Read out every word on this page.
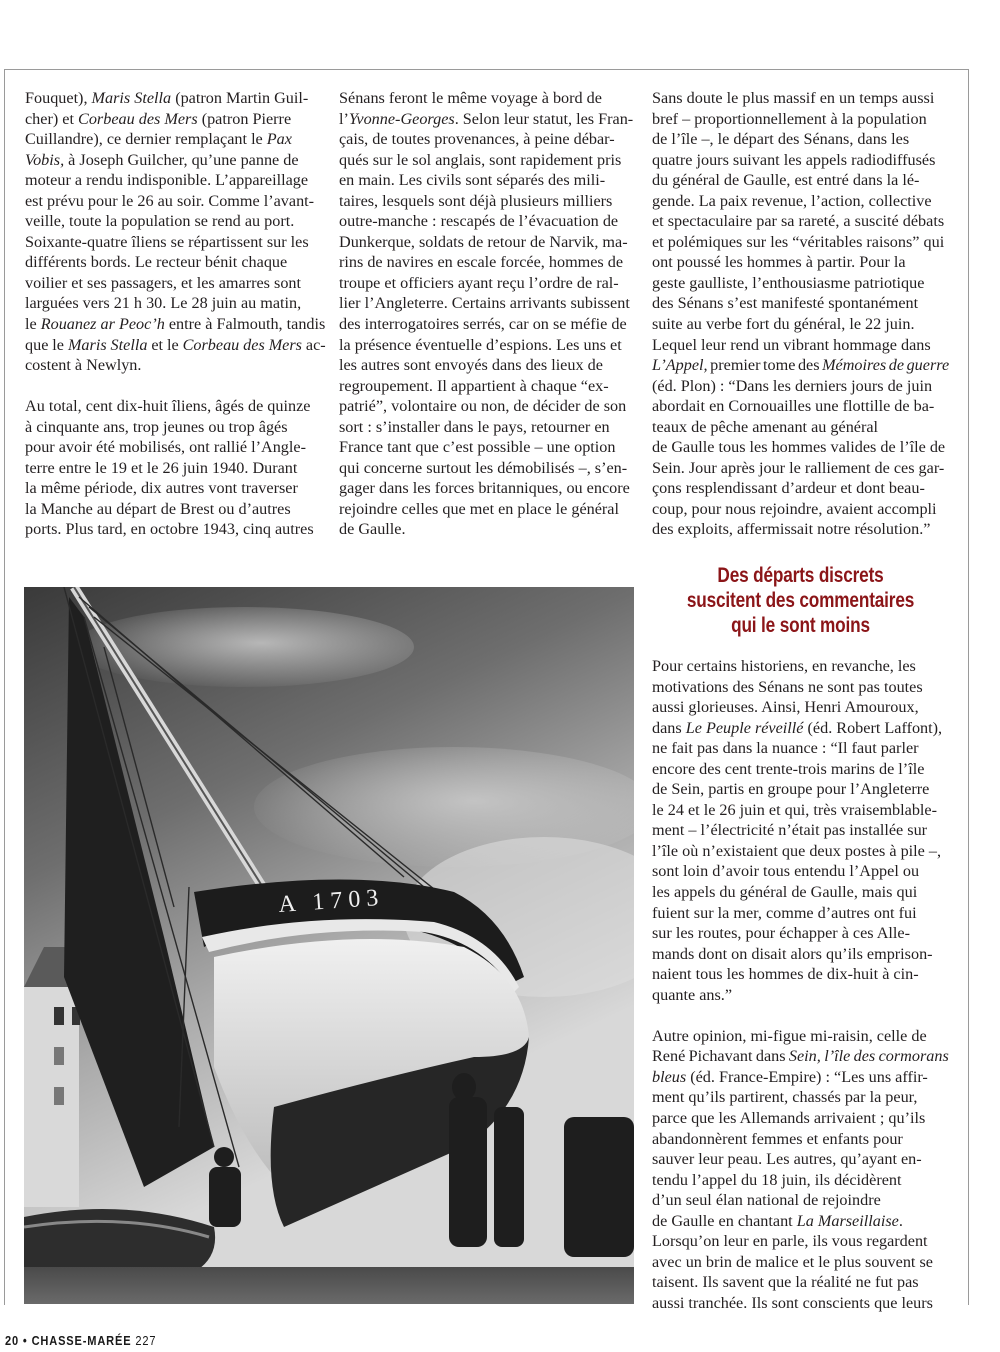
Fouquet), Maris Stella (patron Martin Guil-
cher) et Corbeau des Mers (patron Pierre
Cuillandre), ce dernier remplaçant le Pax
Vobis, à Joseph Guilcher, qu’une panne de
moteur a rendu indisponible. L’appareillage
est prévu pour le 26 au soir. Comme l’avant-
veille, toute la population se rend au port.
Soixante-quatre îliens se répartissent sur les
différents bords. Le recteur bénit chaque
voilier et ses passagers, et les amarres sont
larguées vers 21 h 30. Le 28 juin au matin,
le Rouanez ar Peoc’h entre à Falmouth, tandis
que le Maris Stella et le Corbeau des Mers ac-
costent à Newlyn.

Au total, cent dix-huit îliens, âgés de quinze
à cinquante ans, trop jeunes ou trop âgés
pour avoir été mobilisés, ont rallié l’Angle-
terre entre le 19 et le 26 juin 1940. Durant
la même période, dix autres vont traverser
la Manche au départ de Brest ou d’autres
ports. Plus tard, en octobre 1943, cinq autres

Sénans feront le même voyage à bord de
l’Yvonne-Georges. Selon leur statut, les Fran-
çais, de toutes provenances, à peine débar-
qués sur le sol anglais, sont rapidement pris
en main. Les civils sont séparés des mili-
taires, lesquels sont déjà plusieurs milliers
outre-manche : rescapés de l’évacuation de
Dunkerque, soldats de retour de Narvik, ma-
rins de navires en escale forcée, hommes de
troupe et officiers ayant reçu l’ordre de ral-
lier l’Angleterre. Certains arrivants subissent
des interrogatoires serrés, car on se méfie de
la présence éventuelle d’espions. Les uns et
les autres sont envoyés dans des lieux de
regroupement. Il appartient à chaque “ex-
patrié”, volontaire ou non, de décider de son
sort : s’installer dans le pays, retourner en
France tant que c’est possible – une option
qui concerne surtout les démobilisés –, s’en-
gager dans les forces britanniques, ou encore
rejoindre celles que met en place le général
de Gaulle.

Sans doute le plus massif en un temps aussi
bref – proportionnellement à la population
de l’île –, le départ des Sénans, dans les
quatre jours suivant les appels radiodiffusés
du général de Gaulle, est entré dans la lé-
gende. La paix revenue, l’action, collective
et spectaculaire par sa rareté, a suscité débats
et polémiques sur les “véritables raisons” qui
ont poussé les hommes à partir. Pour la
geste gaulliste, l’enthousiasme patriotique
des Sénans s’est manifesté spontanément
suite au verbe fort du général, le 22 juin.
Lequel leur rend un vibrant hommage dans
L’Appel, premier tome des Mémoires de guerre
(éd. Plon) : “Dans les derniers jours de juin
abordait en Cornouailles une flottille de ba-
teaux de pêche amenant au général
de Gaulle tous les hommes valides de l’île de
Sein. Jour après jour le ralliement de ces gar-
çons resplendissant d’ardeur et dont beau-
coup, pour nous rejoindre, avaient accompli
des exploits, affermissait notre résolution.”

Des départs discrets
suscitent des commentaires
qui le sont moins

Pour certains historiens, en revanche, les
motivations des Sénans ne sont pas toutes
aussi glorieuses. Ainsi, Henri Amouroux,
dans Le Peuple réveillé (éd. Robert Laffont),
ne fait pas dans la nuance : “Il faut parler
encore des cent trente-trois marins de l’île
de Sein, partis en groupe pour l’Angleterre
le 24 et le 26 juin et qui, très vraisemblable-
ment – l’électricité n’était pas installée sur
l’île où n’existaient que deux postes à pile –,
sont loin d’avoir tous entendu l’Appel ou
les appels du général de Gaulle, mais qui
fuient sur la mer, comme d’autres ont fui
sur les routes, pour échapper à ces Alle-
mands dont on disait alors qu’ils emprison-
naient tous les hommes de dix-huit à cin-
quante ans.”

Autre opinion, mi-figue mi-raisin, celle de
René Pichavant dans Sein, l’île des cormorans
bleus (éd. France-Empire) : “Les uns affir-
ment qu’ils partirent, chassés par la peur,
parce que les Allemands arrivaient ; qu’ils
abandonnèrent femmes et enfants pour
sauver leur peau. Les autres, qu’ayant en-
tendu l’appel du 18 juin, ils décidèrent
d’un seul élan national de rejoindre
de Gaulle en chantant La Marseillaise.
Lorsqu’on leur en parle, ils vous regardent
avec un brin de malice et le plus souvent se
taisent. Ils savent que la réalité ne fut pas
aussi tranchée. Ils sont conscients que leurs

A 1703
20 • CHASSE-MARÉE 227
